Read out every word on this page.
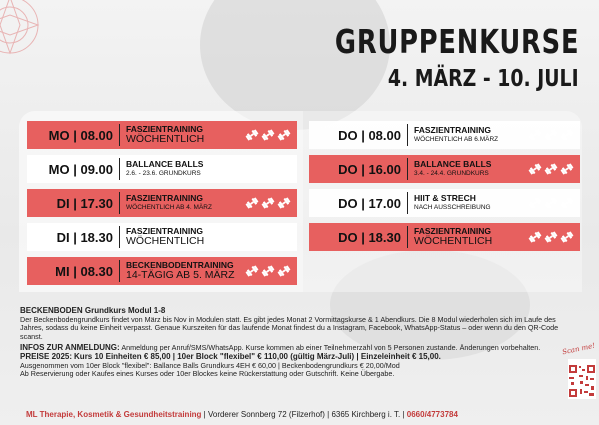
GRUPPENKURSE
4. MÄRZ - 10. JULI
MO | 08.00	FASZIENTRAINING
WÖCHENTLICH
MO | 09.00	BALLANCE BALLS
2.6. - 23.6. GRUNDKURS
DI | 17.30	FASZIENTRAINING
WÖCHENTLICH AB 4. MÄRZ
DI | 18.30	FASZIENTRAINING
WÖCHENTLICH
MI | 08.30	BECKENBODENTRAINING
14-TÄGIG AB 5. MÄRZ
DO | 08.00	FASZIENTRAINING
WÖCHENTLICH AB 6.MÄRZ
DO | 16.00	BALLANCE BALLS
3.4. - 24.4. GRUNDKURS
DO | 17.00	HIIT & STRECH
NACH AUSSCHREIBUNG
DO | 18.30	FASZIENTRAINING
WÖCHENTLICH
BECKENBODEN Grundkurs Modul 1-8
Der Beckenbodengrundkurs findet von März bis Nov in Modulen statt. Es gibt jedes Monat 2 Vormittagskurse & 1 Abendkurs. Die 8 Modul wiederholen sich im Laufe des Jahres, sodass du keine Einheit verpasst. Genaue Kurszeiten für das laufende Monat findest du a Instagram, Facebook, WhatsApp-Status – oder wenn du den QR-Code scanst.
INFOS ZUR ANMELDUNG: Anmeldung per Anruf/SMS/WhatsApp. Kurse kommen ab einer Teilnehmerzahl von 5 Personen zustande. Änderungen vorbehalten.
PREISE 2025: Kurs 10 Einheiten € 85,00 | 10er Block "flexibel" € 110,00 (gültig März-Juli) | Einzeleinheit € 15,00.
Ausgenommen vom 10er Block "flexibel": Ballance Balls Grundkurs 4EH € 60,00 | Beckenbodengrundkurs € 20,00/Mod
Ab Reservierung oder Kaufes eines Kurses oder 10er Blockes keine Rückerstattung oder Gutschrift. Keine Übergabe.
Scan me!
ML Therapie, Kosmetik & Gesundheitstraining | Vorderer Sonnberg 72 (Filzerhof) | 6365 Kirchberg i. T. | 0660/4773784
